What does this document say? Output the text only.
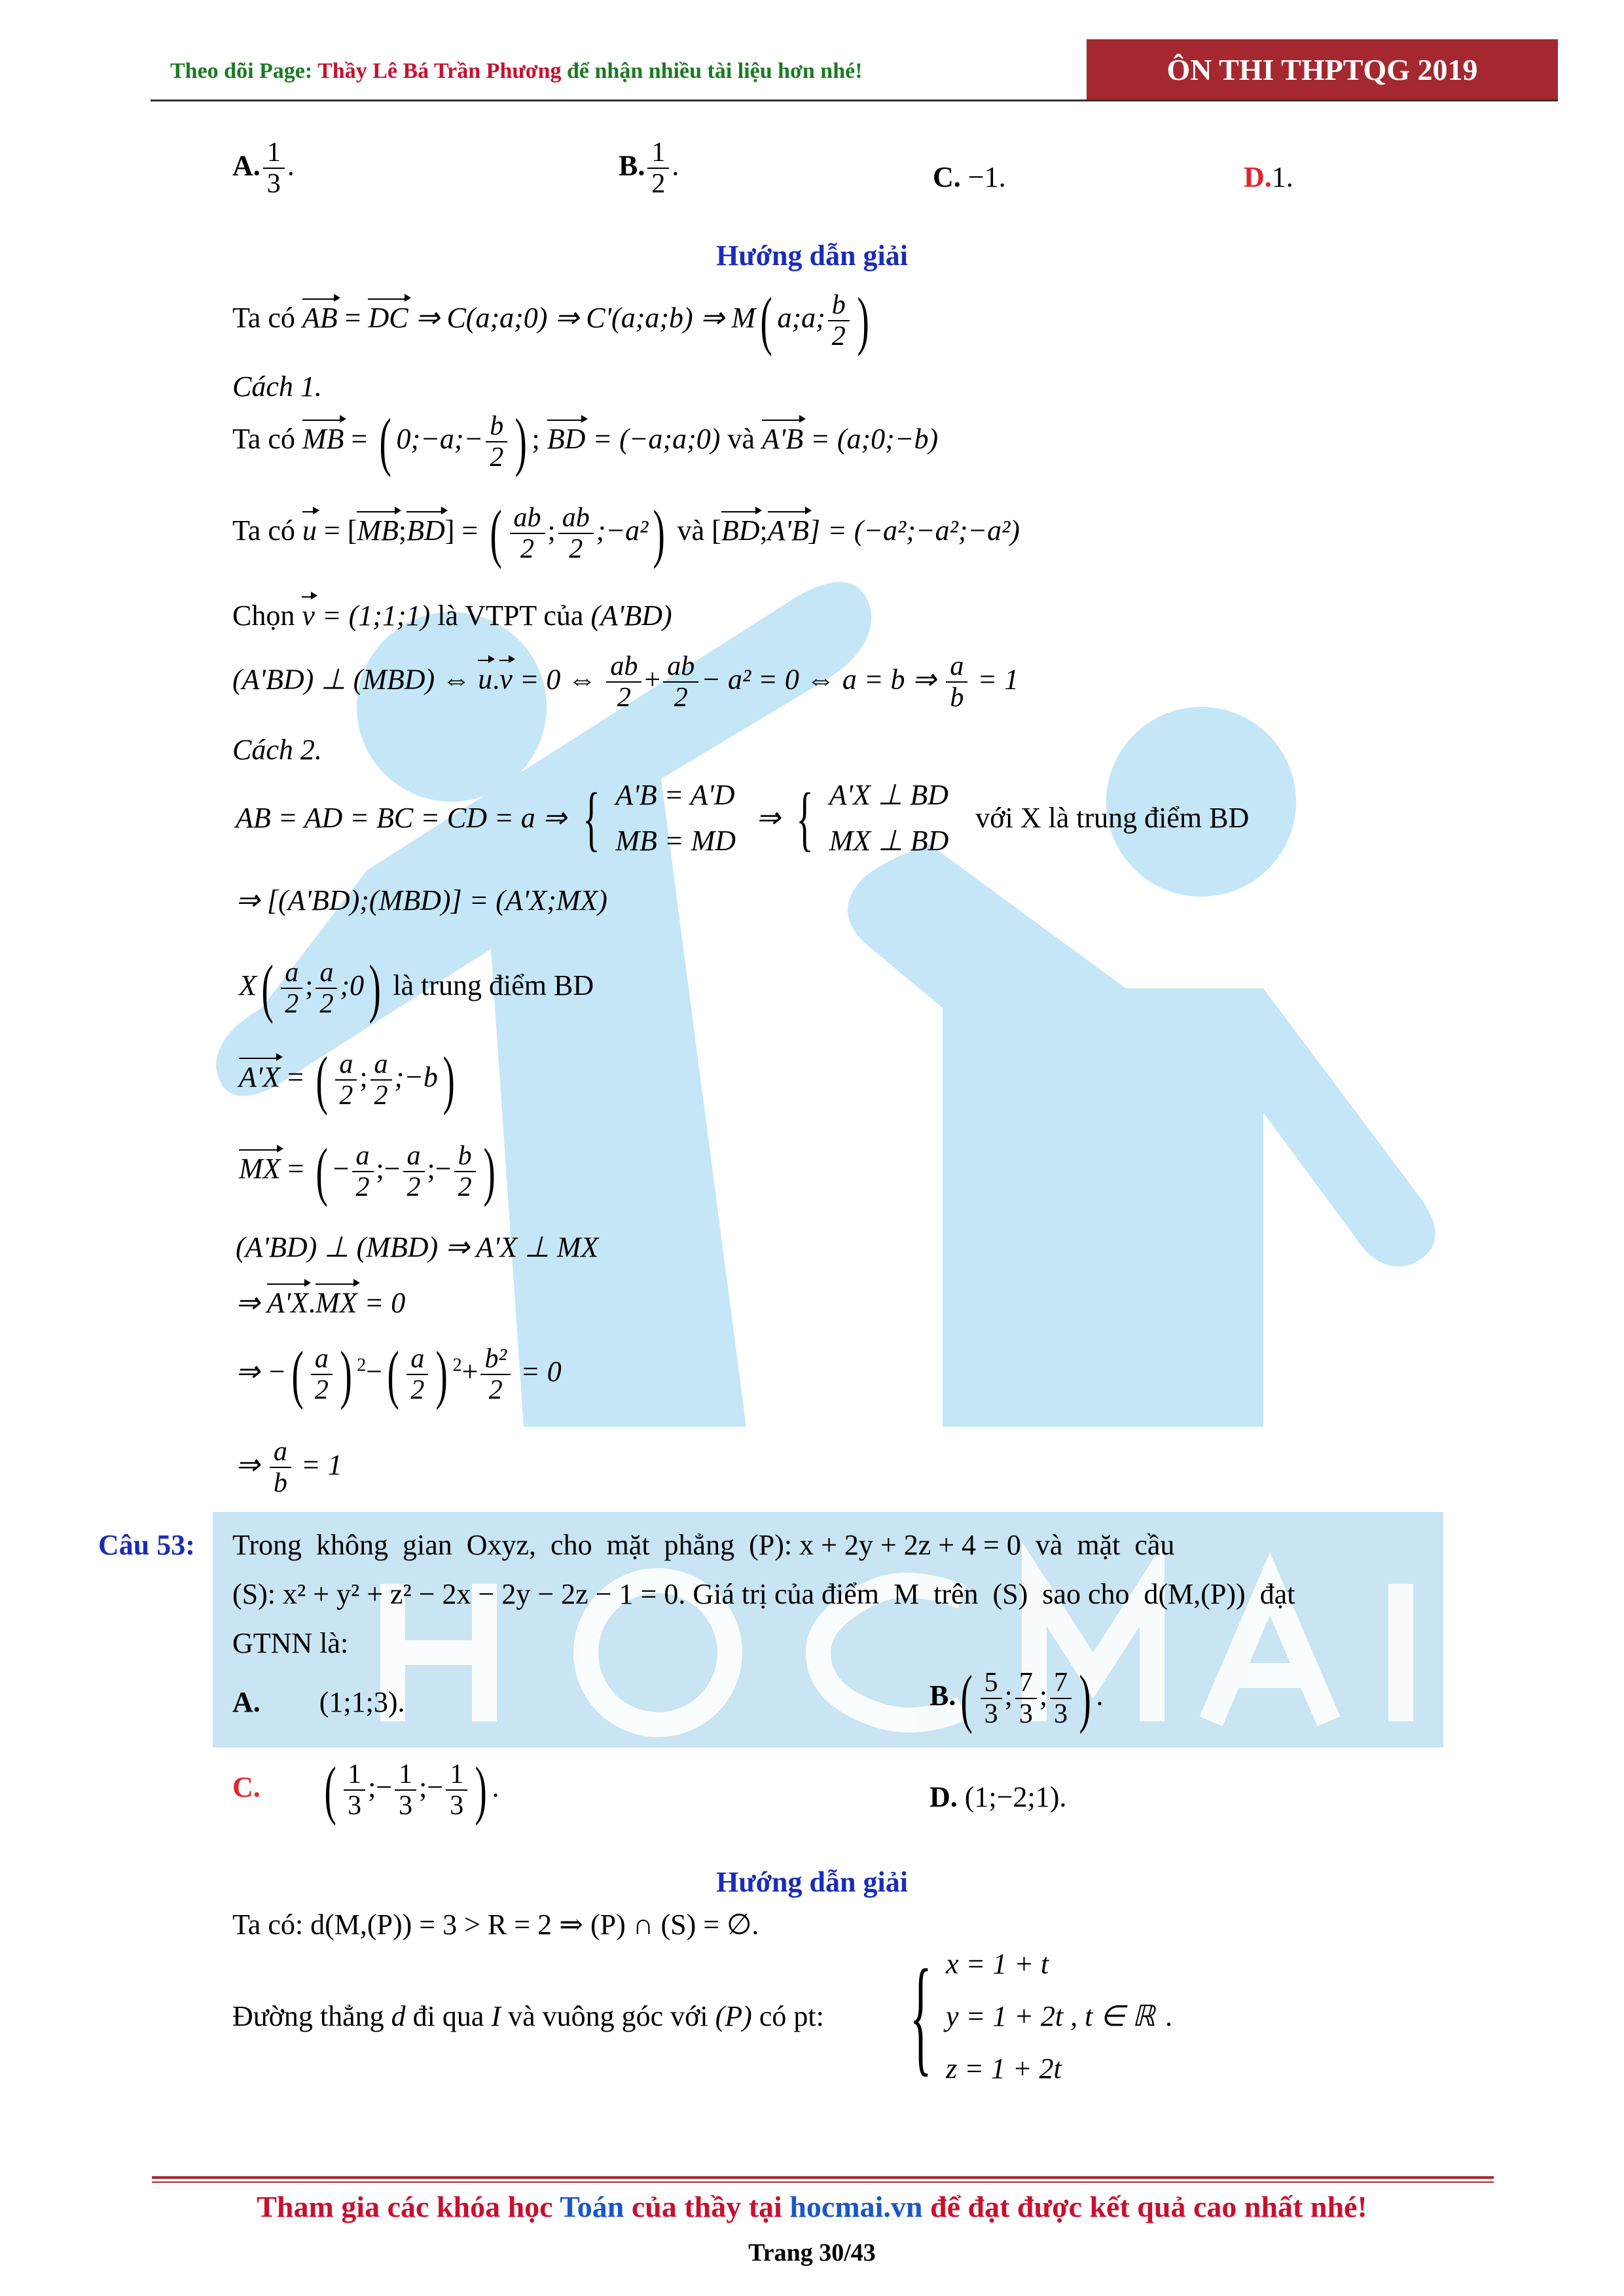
Theo dõi Page: Thầy Lê Bá Trần Phương để nhận nhiều tài liệu hơn nhé!	ÔN THI THPTQG 2019
A. $\frac{1}{3}$ .	B. $\frac{1}{2}$ .	C. −1.	D.1.
Hướng dẫn giải
Ta có AB = DC ⇒ C(a;a;0) ⇒ C'(a;a;b) ⇒ M( a;a; $\frac{b}{2}$ )
Cách 1.
Ta có MB = ( 0;−a;− $\frac{b}{2}$ ) ; BD = (−a;a;0) và A'B = (a;0;−b)
Ta có u = [MB;BD] = ( $\frac{ab}{2}$ ; $\frac{ab}{2}$ ;−a²) và [BD;A'B] = (−a²;−a²;−a²)
Chọn v = (1;1;1) là VTPT của (A'BD)
(A'BD) ⊥ (MBD) ⇔ u.v = 0 ⇔ $\frac{ab}{2} + \frac{ab}{2} - a^2 = 0$ ⇔ a = b ⇒ $\frac{a}{b} = 1$
Cách 2.
AB = AD = BC = CD = a ⇒ { A'B = A'D
MB = MD
⇒ { A'X ⊥ BD
MX ⊥ BD
với X là trung điểm BD
⇒ [(A'BD);(MBD)] = (A'X;MX)
$X( \frac{a}{2}$ ; $\frac{a}{2}$ ;0) là trung điểm BD
A'X = ( $\frac{a}{2}$ ; $\frac{a}{2}$ ;−b)
MX = ( − $\frac{a}{2}$ ;− $\frac{a}{2}$ ;− $\frac{b}{2}$ )
(A'BD) ⊥ (MBD) ⇒ A'X ⊥ MX
⇒ A'X.MX = 0
⇒ −( $\frac{a}{2}$ ) $^2-( \frac{a}{2}$ ) $^2+ \frac{\text{b²}}{2} = 0$
⇒ $\frac{a}{b} = 1$
Câu 53: Trong  không  gian  Oxyz,  cho  mặt  phẳng  (P): x + 2y + 2z + 4 = 0  và  mặt  cầu
(S): x² + y² + z² − 2x − 2y − 2z − 1 = 0. Giá trị của điểm  M  trên  (S)  sao cho  d(M,(P))  đạt
GTNN là:
A. (1;1;3).	$B.( \frac{5}{3}$ ; $\frac{7}{3}$ ; $\frac{7}{3}$ ) .
C. ( $\frac{1}{3}$ ;− $\frac{1}{3}$ ;− $\frac{1}{3}$ ) .	D. (1;−2;1).
Hướng dẫn giải
Ta có: d(M,(P)) = 3 > R = 2 ⇒ (P) ∩ (S) = ∅.
Đường thẳng d đi qua I và vuông góc với (P) có pt: { x = 1 + t
y = 1 + 2t , t ∈ ℝ
z = 1 + 2t
.
Tham gia các khóa học Toán của thầy tại hocmai.vn để đạt được kết quả cao nhất nhé!
Trang 30/43
